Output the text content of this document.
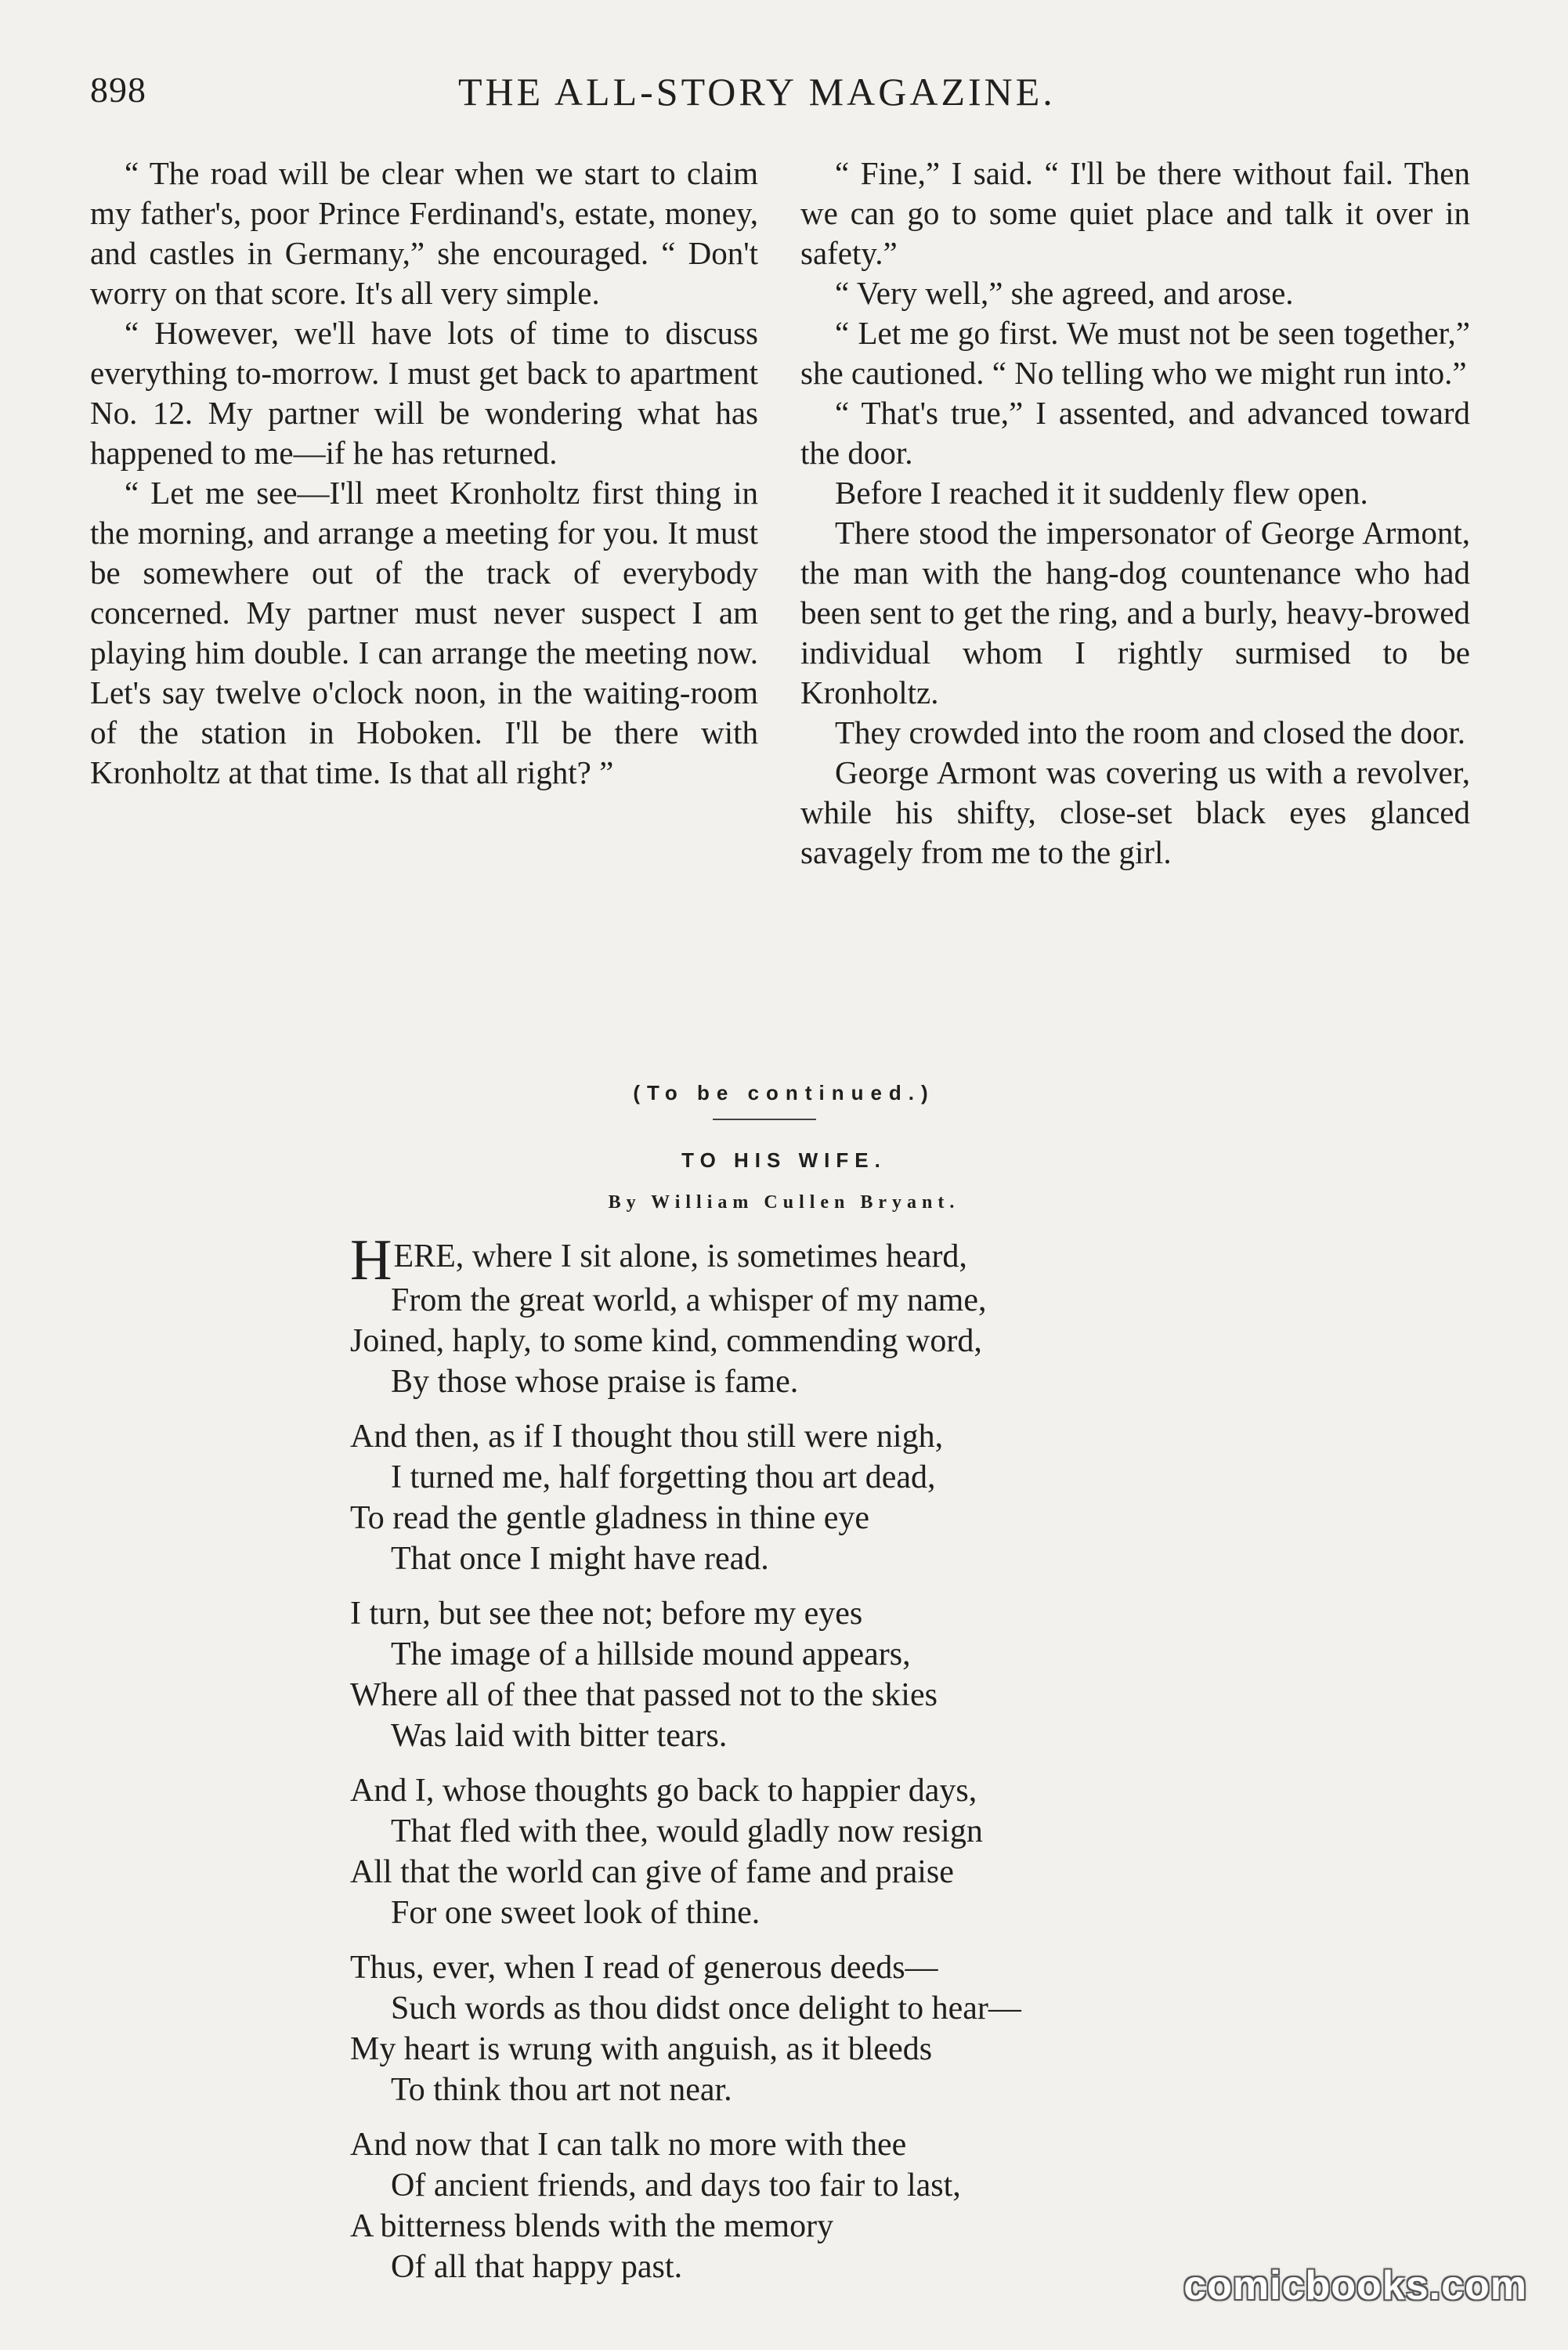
898	THE ALL-STORY MAGAZINE.

“ The road will be clear when we start to claim my father's, poor Prince Ferdinand's, estate, money, and castles in Germany,” she encouraged. “ Don't worry on that score. It's all very simple.

“ However, we'll have lots of time to discuss everything to-morrow. I must get back to apartment No. 12. My partner will be wondering what has happened to me—if he has returned.

“ Let me see—I'll meet Kronholtz first thing in the morning, and arrange a meeting for you. It must be somewhere out of the track of everybody concerned. My partner must never suspect I am playing him double. I can arrange the meeting now. Let's say twelve o'clock noon, in the waiting-room of the station in Hoboken. I'll be there with Kronholtz at that time. Is that all right? ”

“ Fine,” I said. “ I'll be there without fail. Then we can go to some quiet place and talk it over in safety.”

“ Very well,” she agreed, and arose.

“ Let me go first. We must not be seen together,” she cautioned. “ No telling who we might run into.”

“ That's true,” I assented, and advanced toward the door.

Before I reached it it suddenly flew open.

There stood the impersonator of George Armont, the man with the hang-dog countenance who had been sent to get the ring, and a burly, heavy-browed individual whom I rightly surmised to be Kronholtz.

They crowded into the room and closed the door.

George Armont was covering us with a revolver, while his shifty, close-set black eyes glanced savagely from me to the girl.

(To be continued.)
TO HIS WIFE.
By William Cullen Bryant.
HERE, where I sit alone, is sometimes heard,
From the great world, a whisper of my name,
Joined, haply, to some kind, commending word,
By those whose praise is fame.
And then, as if I thought thou still were nigh,
I turned me, half forgetting thou art dead,
To read the gentle gladness in thine eye
That once I might have read.
I turn, but see thee not; before my eyes
The image of a hillside mound appears,
Where all of thee that passed not to the skies
Was laid with bitter tears.
And I, whose thoughts go back to happier days,
That fled with thee, would gladly now resign
All that the world can give of fame and praise
For one sweet look of thine.
Thus, ever, when I read of generous deeds—
Such words as thou didst once delight to hear—
My heart is wrung with anguish, as it bleeds
To think thou art not near.
And now that I can talk no more with thee
Of ancient friends, and days too fair to last,
A bitterness blends with the memory
Of all that happy past.	comicbooks.com
